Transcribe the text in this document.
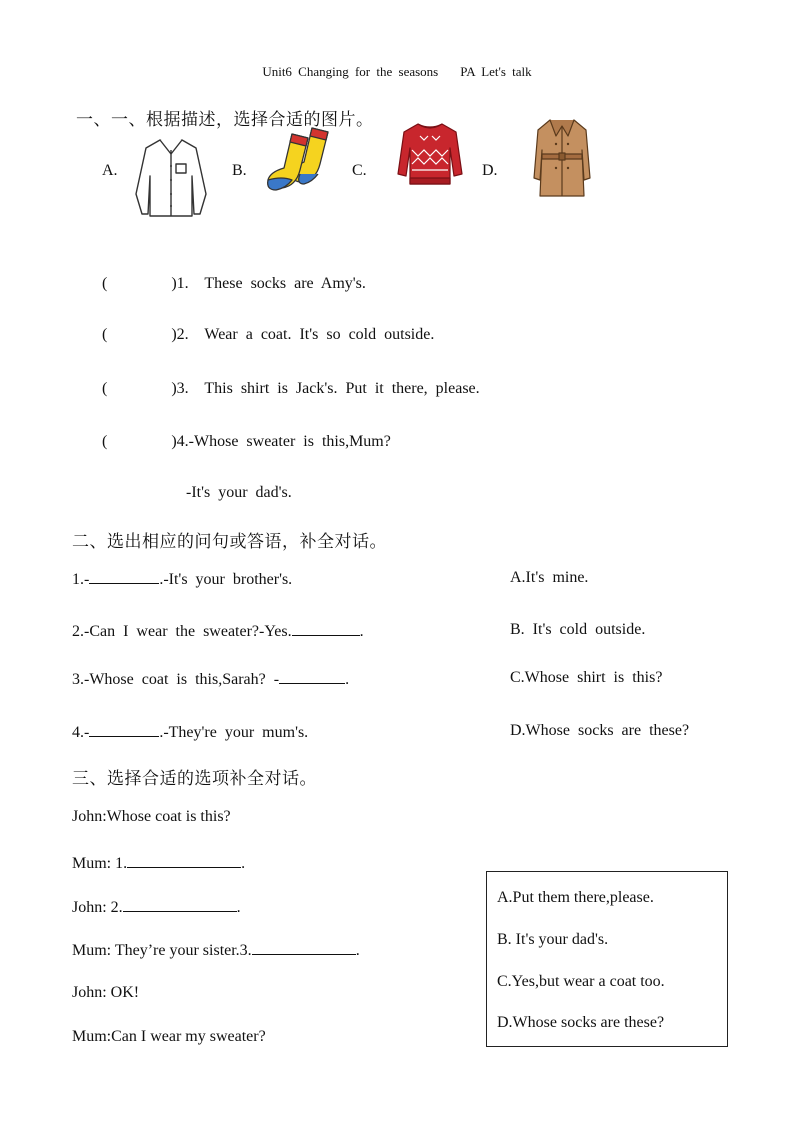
Unit6 Changing for the seasons PA Let's talk
一、一、根据描述，选择合适的图片。
A.	B.	C.	D.
(        )1.  These socks are Amy's.
(        )2.  Wear a coat. It's so cold outside.
(        )3.  This shirt is Jack's. Put it there, please.
(        )4.-Whose sweater is this,Mum?
-It's your dad's.
二、选出相应的问句或答语，补全对话。
1.-	.-It's your brother's.
2.-Can I wear the sweater?-Yes.	.
3.-Whose coat is this,Sarah? -	.
4.-	.-They're your mum's.
A.It's mine.
B. It's cold outside.
C.Whose shirt is this?
D.Whose socks are these?
三、选择合适的选项补全对话。
John:Whose coat is this?
Mum: 1.	.
John: 2.	.
Mum: They’re your sister.3.	.
John: OK!
Mum:Can I wear my sweater?
A.Put them there,please.
B. It's your dad's.
C.Yes,but wear a coat too.
D.Whose socks are these?
